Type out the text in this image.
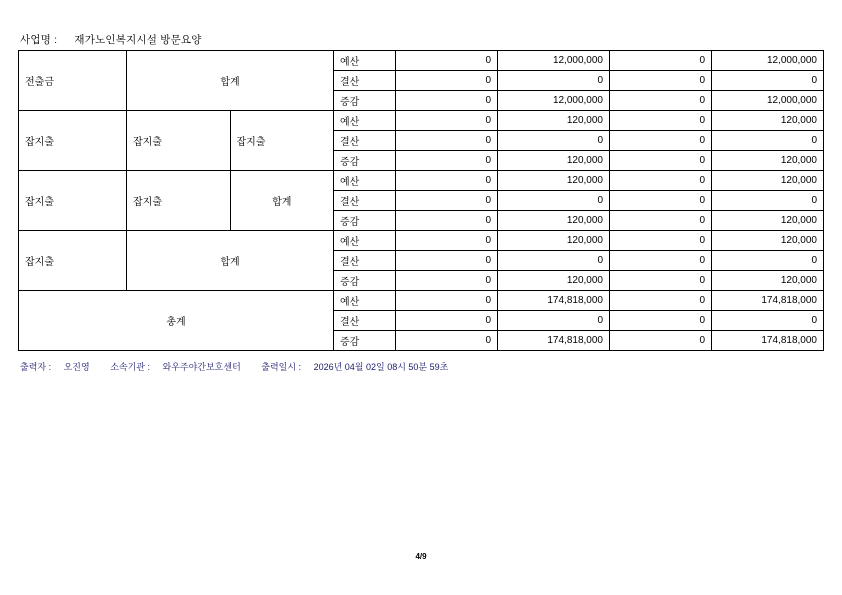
사업명 : 재가노인복지시설 방문요양
전출금	합계		예산	0	12,000,000	0	12,000,000
			결산	0	0	0	0
			증감	0	12,000,000	0	12,000,000
잡지출	잡지출	잡지출	예산	0	120,000	0	120,000
			결산	0	0	0	0
			증감	0	120,000	0	120,000
잡지출	잡지출	합계	예산	0	120,000	0	120,000
			결산	0	0	0	0
			증감	0	120,000	0	120,000
잡지출	합계		예산	0	120,000	0	120,000
			결산	0	0	0	0
			증감	0	120,000	0	120,000
총계			예산	0	174,818,000	0	174,818,000
			결산	0	0	0	0
			증감	0	174,818,000	0	174,818,000
출력자 : 오진영 소속기관 : 와우주야간보호센터 출력일시 : 2026년 04월 02일 08시 50분 59초
4/9
